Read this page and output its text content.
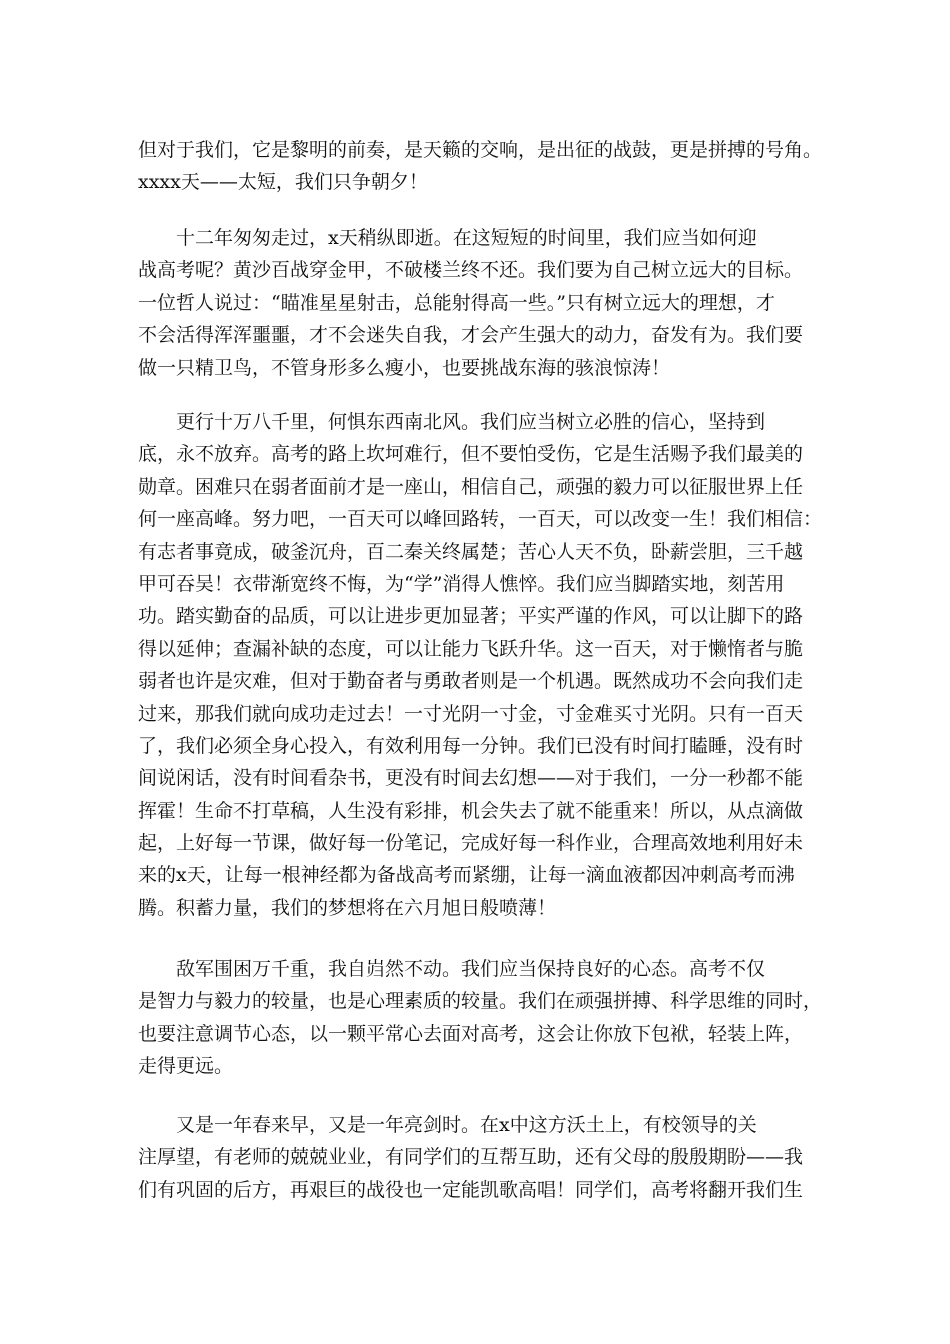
但对于我们，它是黎明的前奏，是天籁的交响，是出征的战鼓，更是拼搏的号角。
xxxx天——太短，我们只争朝夕！
　　十二年匆匆走过，x天稍纵即逝。在这短短的时间里，我们应当如何迎
战高考呢？黄沙百战穿金甲，不破楼兰终不还。我们要为自己树立远大的目标。
一位哲人说过：“瞄准星星射击，总能射得高一些。”只有树立远大的理想，才
不会活得浑浑噩噩，才不会迷失自我，才会产生强大的动力，奋发有为。我们要
做一只精卫鸟，不管身形多么瘦小，也要挑战东海的骇浪惊涛！
　　更行十万八千里，何惧东西南北风。我们应当树立必胜的信心，坚持到
底，永不放弃。高考的路上坎坷难行，但不要怕受伤，它是生活赐予我们最美的
勋章。困难只在弱者面前才是一座山，相信自己，顽强的毅力可以征服世界上任
何一座高峰。努力吧，一百天可以峰回路转，一百天，可以改变一生！我们相信：
有志者事竟成，破釜沉舟，百二秦关终属楚；苦心人天不负，卧薪尝胆，三千越
甲可吞吴！衣带渐宽终不悔，为“学”消得人憔悴。我们应当脚踏实地，刻苦用
功。踏实勤奋的品质，可以让进步更加显著；平实严谨的作风，可以让脚下的路
得以延伸；查漏补缺的态度，可以让能力飞跃升华。这一百天，对于懒惰者与脆
弱者也许是灾难，但对于勤奋者与勇敢者则是一个机遇。既然成功不会向我们走
过来，那我们就向成功走过去！一寸光阴一寸金，寸金难买寸光阴。只有一百天
了，我们必须全身心投入，有效利用每一分钟。我们已没有时间打瞌睡，没有时
间说闲话，没有时间看杂书，更没有时间去幻想——对于我们，一分一秒都不能
挥霍！生命不打草稿，人生没有彩排，机会失去了就不能重来！所以，从点滴做
起，上好每一节课，做好每一份笔记，完成好每一科作业，合理高效地利用好未
来的x天，让每一根神经都为备战高考而紧绷，让每一滴血液都因冲刺高考而沸
腾。积蓄力量，我们的梦想将在六月旭日般喷薄！
　　敌军围困万千重，我自岿然不动。我们应当保持良好的心态。高考不仅
是智力与毅力的较量，也是心理素质的较量。我们在顽强拼搏、科学思维的同时，
也要注意调节心态，以一颗平常心去面对高考，这会让你放下包袱，轻装上阵，
走得更远。
　　又是一年春来早，又是一年亮剑时。在x中这方沃土上，有校领导的关
注厚望，有老师的兢兢业业，有同学们的互帮互助，还有父母的殷殷期盼——我
们有巩固的后方，再艰巨的战役也一定能凯歌高唱！同学们，高考将翻开我们生
